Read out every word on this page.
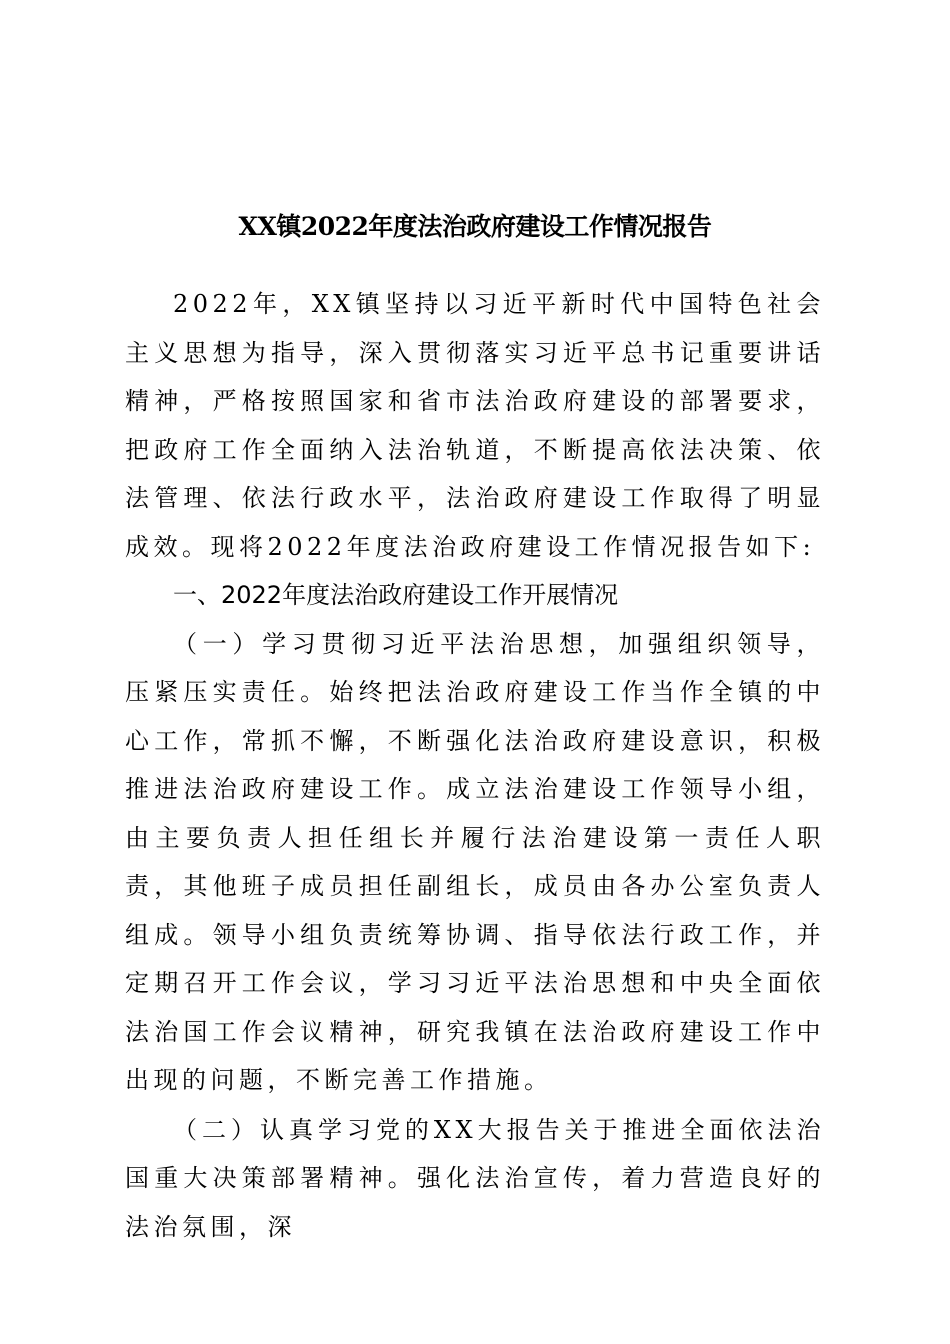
XX镇2022年度法治政府建设工作情况报告

2022年，XX镇坚持以习近平新时代中国特色社会主义思想为指导，深入贯彻落实习近平总书记重要讲话精神，严格按照国家和省市法治政府建设的部署要求，把政府工作全面纳入法治轨道，不断提高依法决策、依法管理、依法行政水平，法治政府建设工作取得了明显成效。现将2022年度法治政府建设工作情况报告如下:

一、2022年度法治政府建设工作开展情况

（一）学习贯彻习近平法治思想，加强组织领导，压紧压实责任。始终把法治政府建设工作当作全镇的中心工作，常抓不懈，不断强化法治政府建设意识，积极推进法治政府建设工作。成立法治建设工作领导小组，由主要负责人担任组长并履行法治建设第一责任人职责，其他班子成员担任副组长，成员由各办公室负责人组成。领导小组负责统筹协调、指导依法行政工作，并定期召开工作会议，学习习近平法治思想和中央全面依法治国工作会议精神，研究我镇在法治政府建设工作中出现的问题，不断完善工作措施。

（二）认真学习党的XX大报告关于推进全面依法治国重大决策部署精神。强化法治宣传，着力营造良好的法治氛围，深
